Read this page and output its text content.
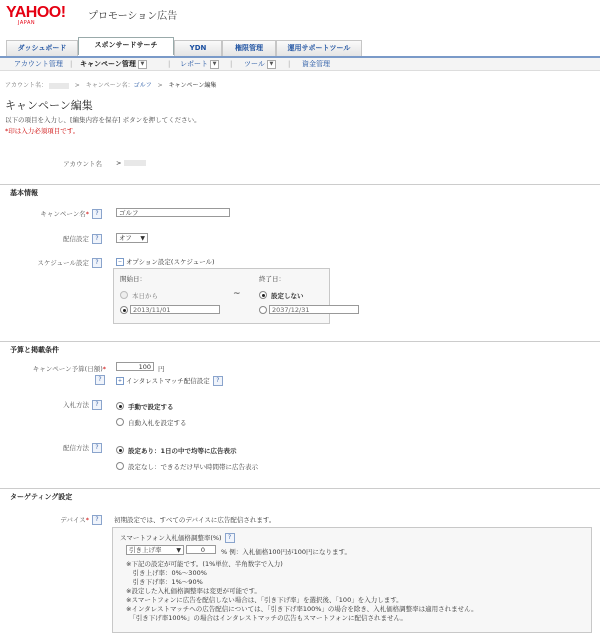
YAHOO!
JAPAN
プロモーション広告
ダッシュボード	スポンサードサーチ	YDN	権限管理	運用サポートツール
アカウント管理 | キャンペーン管理 ▼	| レポート ▼	| ツール ▼	| 資金管理
アカウント名：	> キャンペーン名：ゴルフ > キャンペーン編集
キャンペーン編集
以下の項目を入力し、[編集内容を保存] ボタンを押してください。
*印は入力必須項目です。
アカウント名 >
基本情報
キャンペーン名* ?	ゴルフ
配信設定 ?	オフ ▼
スケジュール設定 ?	− オプション設定(スケジュール)
開始日：
本日から
2013/11/01
~
終了日：
設定しない
2037/12/31
予算と掲載条件
キャンペーン予算(日額)*	100	円
?	+ インタレストマッチ配信設定 ?
入札方法 ?	手動で設定する
自動入札を設定する
配信方法 ?	設定あり：1日の中で均等に広告表示
設定なし：できるだけ早い時間帯に広告表示
ターゲティング設定
デバイス* ?	初期設定では、すべてのデバイスに広告配信されます。
スマートフォン入札価格調整率(%) ?
引き上げ率 ▼	0	% 例：入札価格100円が100円になります。
※下記の設定が可能です。(1%単位、半角数字で入力)
　引き上げ率：0%～300%
　引き下げ率：1%～90%
※設定した入札価格調整率は変更が可能です。
※スマートフォンに広告を配信しない場合は、「引き下げ率」を選択後、「100」を入力します。
※インタレストマッチへの広告配信については、「引き下げ率100%」の場合を除き、入札価格調整率は適用されません。
　「引き下げ率100%」の場合はインタレストマッチの広告もスマートフォンに配信されません。
